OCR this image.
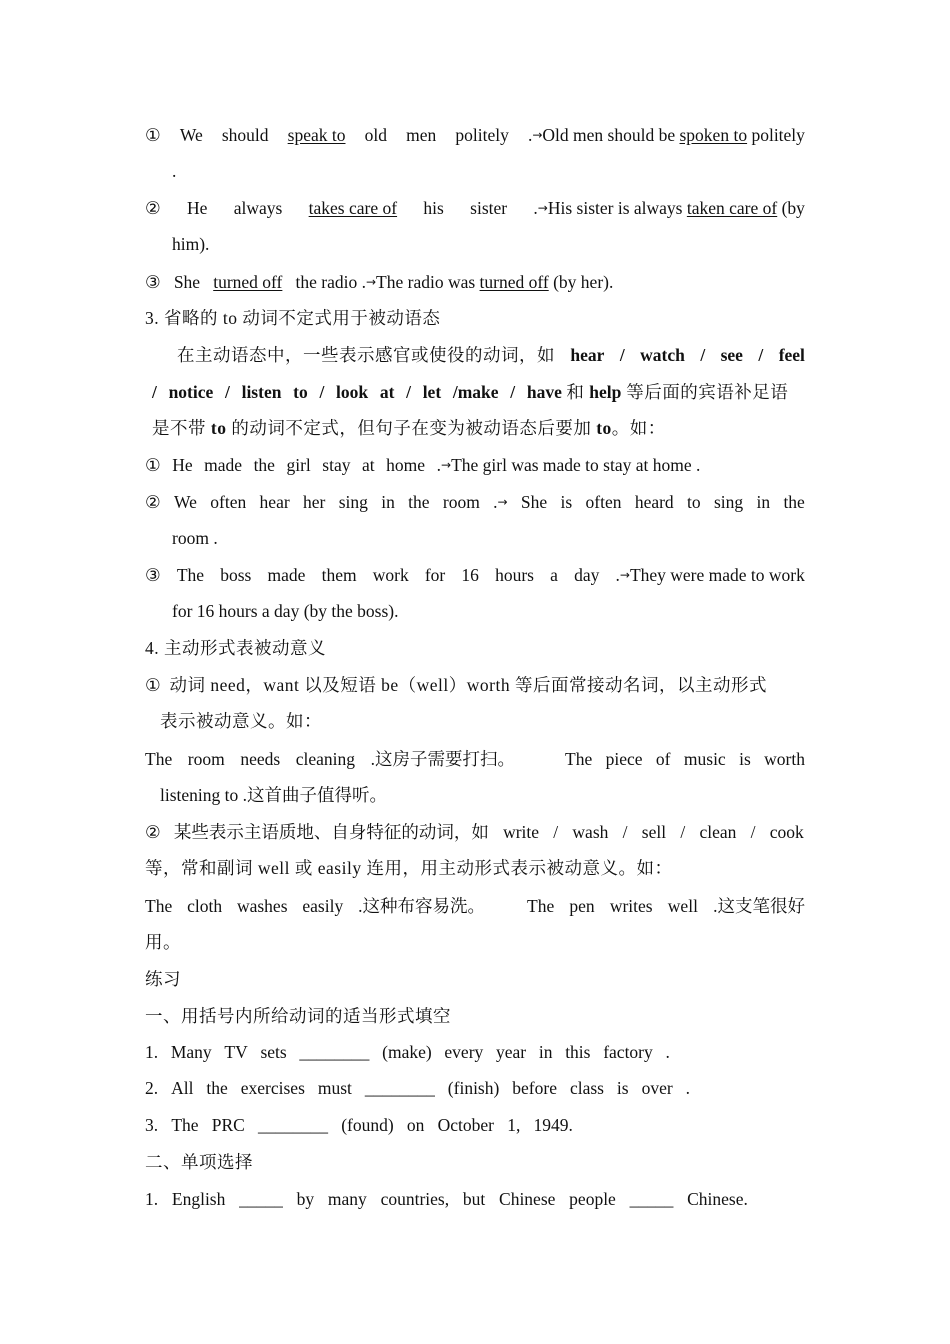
① We should speak to old men politely .→Old men should be spoken to politely
.
② He always takes care of his sister .→His sister is always taken care of (by
him).
③ She turned off the radio .→The radio was turned off (by her).
3. 省略的 to 动词不定式用于被动语态
在主动语态中，一些表示感官或使役的动词，如 hear / watch / see / feel
/ notice / listen to / look at / let /make / have 和 help 等后面的宾语补足语
是不带 to 的动词不定式，但句子在变为被动语态后要加 to。如：
① He made the girl stay at home . →The girl was made to stay at home .
② We often hear her sing in the room .→ She is often heard to sing in the
room .
③ The boss made them work for 16 hours a day .→They were made to work
for 16 hours a day (by the boss).
4. 主动形式表被动意义
① 动词 need，want 以及短语 be（well）worth 等后面常接动名词，以主动形式
表示被动意义。如：
The room needs cleaning .这房子需要打扫。	The piece of music is worth
listening to .这首曲子值得听。
② 某些表示主语质地、自身特征的动词，如 write / wash / sell / clean / cook
等，常和副词 well 或 easily 连用，用主动形式表示被动意义。如：
The cloth washes easily .这种布容易洗。 The pen writes well .这支笔很好
用。
练习
一、用括号内所给动词的适当形式填空
1. Many TV sets ________ (make) every year in this factory .
2. All the exercises must ________ (finish) before class is over .
3. The PRC ________ (found) on October 1, 1949.
二、单项选择
1. English _____ by many countries, but Chinese people _____ Chinese.
